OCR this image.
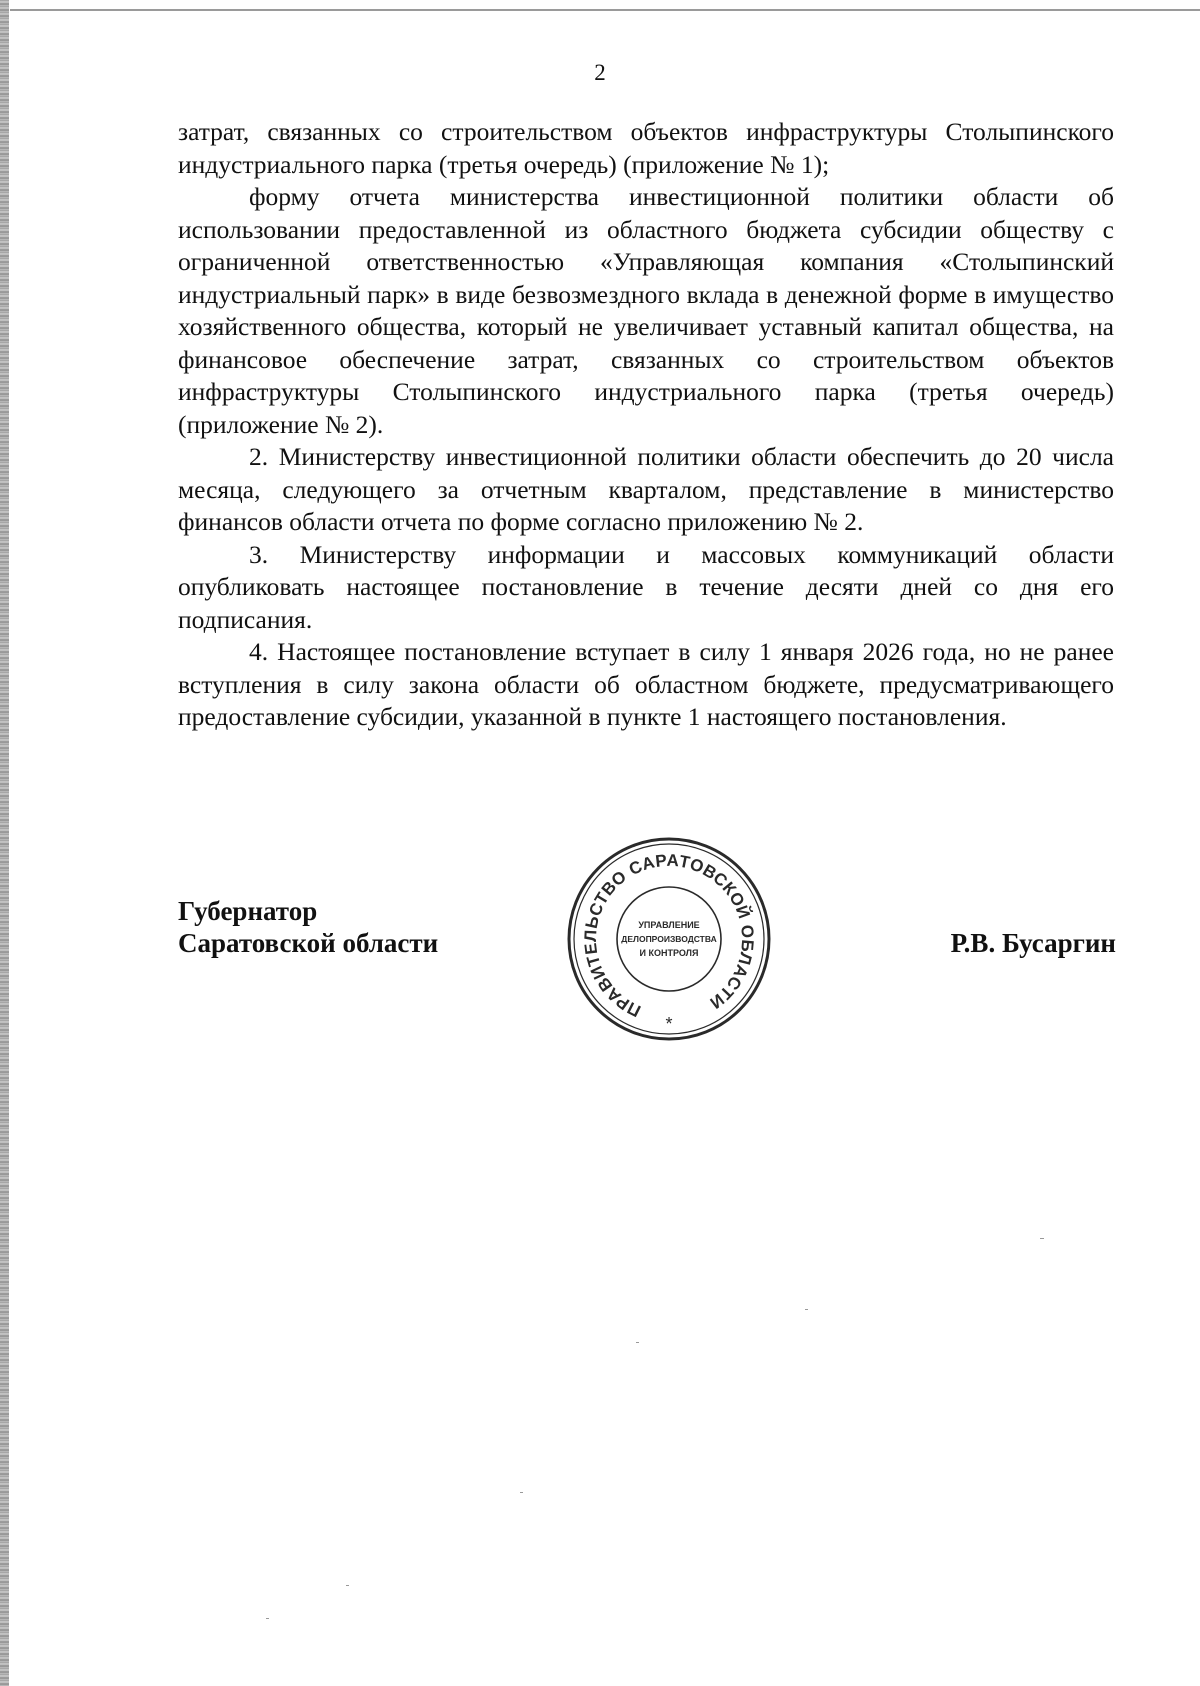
2

затрат, связанных со строительством объектов инфраструктуры Столыпинского индустриального парка (третья очередь) (приложение № 1);

форму отчета министерства инвестиционной политики области об использовании предоставленной из областного бюджета субсидии обществу с ограниченной ответственностью «Управляющая компания «Столыпинский индустриальный парк» в виде безвозмездного вклада в денежной форме в имущество хозяйственного общества, который не увеличивает уставный капитал общества, на финансовое обеспечение затрат, связанных со строительством объектов инфраструктуры Столыпинского индустриального парка (третья очередь) (приложение № 2).

2. Министерству инвестиционной политики области обеспечить до 20 числа месяца, следующего за отчетным кварталом, представление в министерство финансов области отчета по форме согласно приложению № 2.

3. Министерству информации и массовых коммуникаций области опубликовать настоящее постановление в течение десяти дней со дня его подписания.

4. Настоящее постановление вступает в силу 1 января 2026 года, но не ранее вступления в силу закона области об областном бюджете, предусматривающего предоставление субсидии, указанной в пункте 1 настоящего постановления.

Губернатор
Саратовской области	Р.В. Бусаргин
ПРАВИТЕЛЬСТВО САРАТОВСКОЙ ОБЛАСТИ
УПРАВЛЕНИЕ
ДЕЛОПРОИЗВОДСТВА
И КОНТРОЛЯ
*
